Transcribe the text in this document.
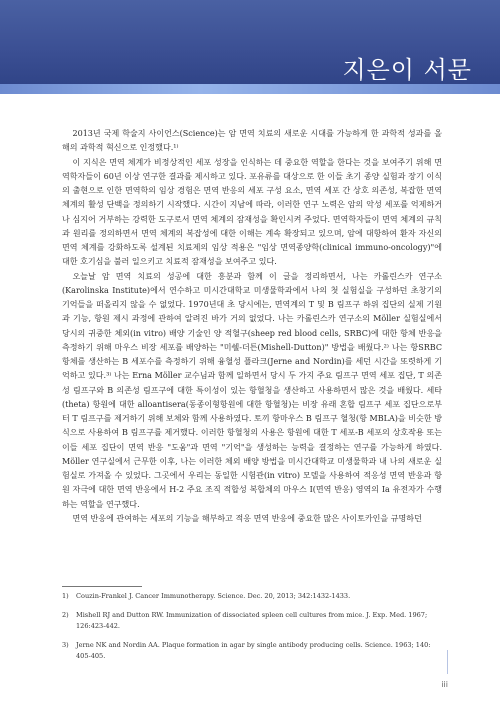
지은이 서문

2013년 국제 학술지 사이언스(Science)는 암 면역 치료의 새로운 시대를 가능하게 한 과학적 성과를 올해의 과학적 혁신으로 인정했다.¹⁾

이 지식은 면역 체계가 비정상적인 세포 성장을 인식하는 데 중요한 역할을 한다는 것을 보여주기 위해 면역학자들이 60년 이상 연구한 결과를 제시하고 있다. 포유류를 대상으로 한 이들 초기 종양 실험과 장기 이식의 출현으로 인한 면역학의 임상 경험은 면역 반응의 세포 구성 요소, 면역 세포 간 상호 의존성, 복잡한 면역 체계의 활성 단백을 정의하기 시작했다. 시간이 지남에 따라, 이러한 연구 노력은 암의 악성 세포를 억제하거나 심지어 거부하는 강력한 도구로서 면역 체계의 잠재성을 확인시켜 주었다. 면역학자들이 면역 체계의 규칙과 원리를 정의하면서 면역 체계의 복잡성에 대한 이해는 계속 확장되고 있으며, 암에 대항하여 환자 자신의 면역 체계를 강화하도록 설계된 치료제의 임상 적용은 "임상 면역종양학(clinical immuno-oncology)"에 대한 호기심을 불러 일으키고 치료적 잠재성을 보여주고 있다.

오늘날 암 면역 치료의 성공에 대한 흥분과 함께 이 글을 정리하면서, 나는 카롤린스카 연구소(Karolinska Institute)에서 연수하고 미시간대학교 미생물학과에서 나의 첫 실험실을 구성하던 초창기의 기억들을 떠올리지 않을 수 없었다. 1970년대 초 당시에는, 면역계의 T 및 B 림프구 하위 집단의 실제 기원과 기능, 항원 제시 과정에 관하여 알려진 바가 거의 없었다. 나는 카롤린스카 연구소의 Möller 실험실에서 당시의 귀중한 체외(in vitro) 배양 기술인 양 적혈구(sheep red blood cells, SRBC)에 대한 항체 반응을 측정하기 위해 마우스 비장 세포를 배양하는 "미쉘-더튼(Mishell-Dutton)" 방법을 배웠다.²⁾ 나는 항SRBC 항체를 생산하는 B 세포수를 측정하기 위해 융혈성 플라크(Jerne and Nordin)를 세던 시간을 또렷하게 기억하고 있다.³⁾ 나는 Erna Möller 교수님과 함께 일하면서 당시 두 가지 주요 림프구 면역 세포 집단, T 의존성 림프구와 B 의존성 림프구에 대한 특이성이 있는 항혈청을 생산하고 사용하면서 많은 것을 배웠다. 세타(theta) 항원에 대한 alloantisera(동종이형항원에 대한 항혈청)는 비장 유래 혼합 림프구 세포 집단으로부터 T 림프구를 제거하기 위해 보체와 함께 사용하였다. 토끼 항마우스 B 림프구 혈청(항 MBLA)을 비슷한 방식으로 사용하여 B 림프구를 제거했다. 이러한 항혈청의 사용은 항원에 대한 T 세포-B 세포의 상호작용 또는 이들 세포 집단이 면역 반응 "도움"과 면역 "기억"을 생성하는 능력을 결정하는 연구를 가능하게 하였다. Möller 연구실에서 근무한 이후, 나는 이러한 체외 배양 방법을 미시간대학교 미생물학과 내 나의 새로운 실험실로 가져올 수 있었다. 그곳에서 우리는 동일한 시험관(in vitro) 모델을 사용하여 적응성 면역 반응과 항원 자극에 대한 면역 반응에서 H-2 주요 조직 적합성 복합체의 마우스 I(면역 반응) 영역의 Ia 유전자가 수행하는 역할을 연구했다.

면역 반응에 관여하는 세포의 기능을 해부하고 적응 면역 반응에 중요한 많은 사이토카인을 규명하던

1)	Couzin-Frankel J. Cancer Immunotherapy. Science. Dec. 20, 2013; 342:1432-1433.
2)	Mishell RJ and Dutton RW. Immunization of dissociated spleen cell cultures from mice. J. Exp. Med. 1967; 126:423-442.
3)	Jerne NK and Nordin AA. Plaque formation in agar by single antibody producing cells. Science. 1963; 140: 405-405.
iii
